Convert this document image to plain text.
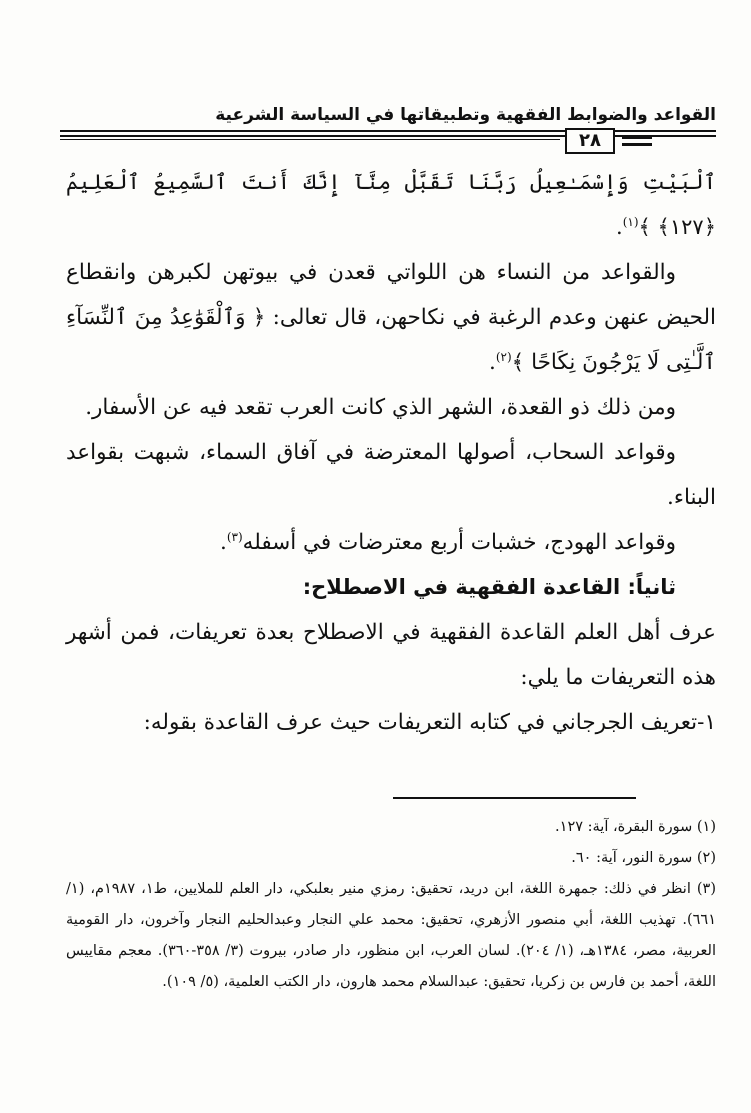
القواعد والضوابط الفقهية وتطبيقاتها في السياسة الشرعية
٢٨

ٱلْبَيْتِ وَإِسْمَـٰعِيلُ رَبَّنَا تَقَبَّلْ مِنَّآ إِنَّكَ أَنتَ ٱلسَّمِيعُ ٱلْعَلِيمُ ﴿١٢٧﴾ ﴾$^{(١)}$.

والقواعد من النساء هن اللواتي قعدن في بيوتهن لكبرهن وانقطاع الحيض عنهن وعدم الرغبة في نكاحهن، قال تعالى: ﴿ وَٱلْقَوَٰعِدُ مِنَ ٱلنِّسَآءِ ٱلَّـٰتِى لَا يَرْجُونَ نِكَاحًا ﴾$^{(٢)}$.

ومن ذلك ذو القعدة، الشهر الذي كانت العرب تقعد فيه عن الأسفار.

وقواعد السحاب، أصولها المعترضة في آفاق السماء، شبهت بقواعد البناء.

وقواعد الهودج، خشبات أربع معترضات في أسفله$^{(٣)}$.

ثانياً: القاعدة الفقهية في الاصطلاح:

عرف أهل العلم القاعدة الفقهية في الاصطلاح بعدة تعريفات، فمن أشهر هذه التعريفات ما يلي:

١-تعريف الجرجاني في كتابه التعريفات حيث عرف القاعدة بقوله:

(١) سورة البقرة، آية: ١٢٧.

(٢) سورة النور، آية: ٦٠.

(٣) انظر في ذلك: جمهرة اللغة، ابن دريد، تحقيق: رمزي منير بعلبكي، دار العلم للملايين، ط١، ١٩٨٧م، (١/ ٦٦١). تهذيب اللغة، أبي منصور الأزهري، تحقيق: محمد علي النجار وعبدالحليم النجار وآخرون، دار القومية العربية، مصر، ١٣٨٤هـ، (١/ ٢٠٤). لسان العرب، ابن منظور، دار صادر، بيروت (٣/ ٣٥٨-٣٦٠). معجم مقاييس اللغة، أحمد بن فارس بن زكريا، تحقيق: عبدالسلام محمد هارون، دار الكتب العلمية، (٥/ ١٠٩).
